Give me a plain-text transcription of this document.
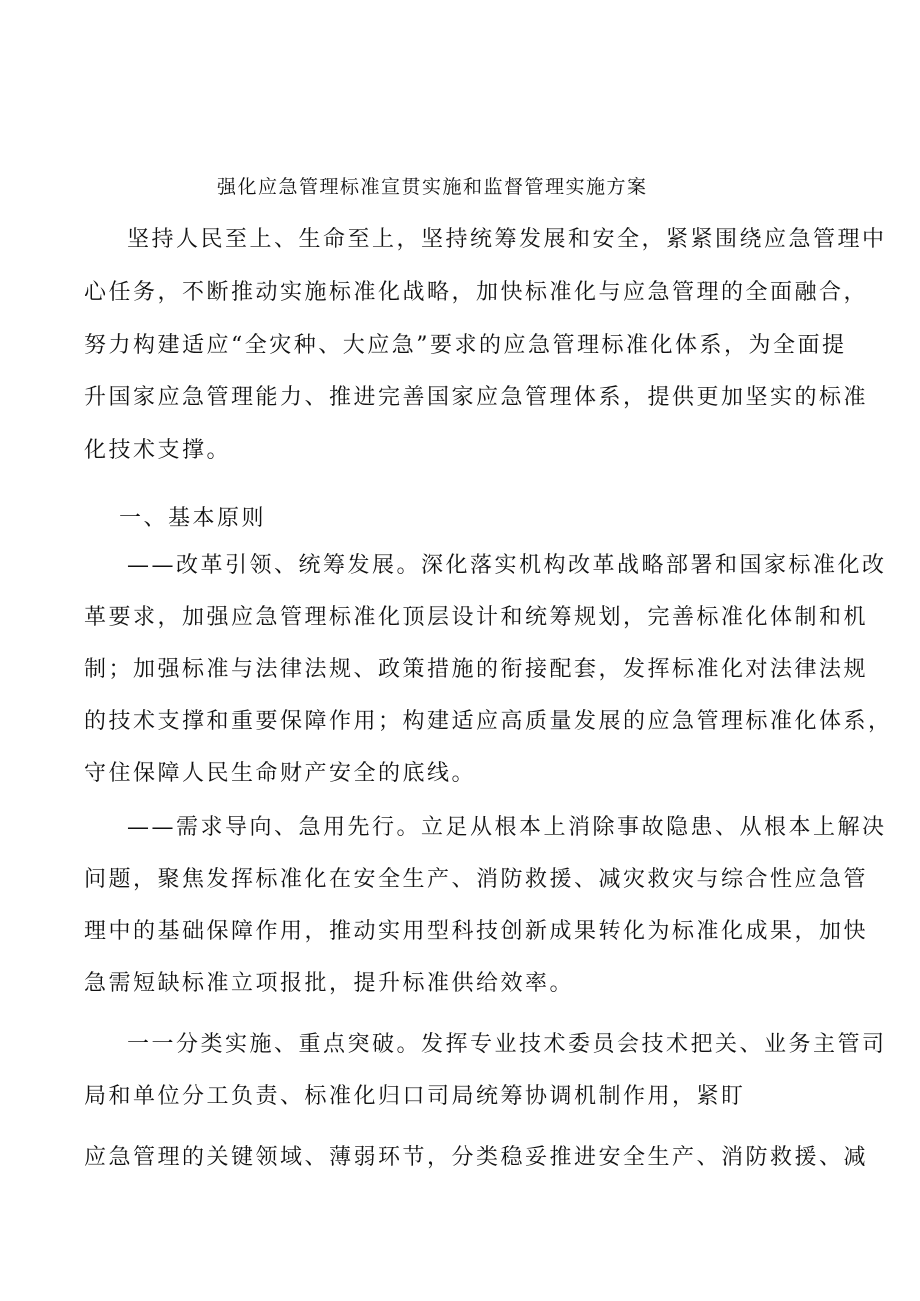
强化应急管理标准宣贯实施和监督管理实施方案

坚持人民至上、生命至上，坚持统筹发展和安全，紧紧围绕应急管理中

心任务，不断推动实施标准化战略，加快标准化与应急管理的全面融合，

努力构建适应“全灾种、大应急”要求的应急管理标准化体系，为全面提

升国家应急管理能力、推进完善国家应急管理体系，提供更加坚实的标准

化技术支撑。

一、基本原则

——改革引领、统筹发展。深化落实机构改革战略部署和国家标准化改

革要求，加强应急管理标准化顶层设计和统筹规划，完善标准化体制和机

制；加强标准与法律法规、政策措施的衔接配套，发挥标准化对法律法规

的技术支撑和重要保障作用；构建适应高质量发展的应急管理标准化体系，

守住保障人民生命财产安全的底线。

——需求导向、急用先行。立足从根本上消除事故隐患、从根本上解决

问题，聚焦发挥标准化在安全生产、消防救援、减灾救灾与综合性应急管

理中的基础保障作用，推动实用型科技创新成果转化为标准化成果，加快

急需短缺标准立项报批，提升标准供给效率。

一一分类实施、重点突破。发挥专业技术委员会技术把关、业务主管司

局和单位分工负责、标准化归口司局统筹协调机制作用，紧盯

应急管理的关键领域、薄弱环节，分类稳妥推进安全生产、消防救援、减
